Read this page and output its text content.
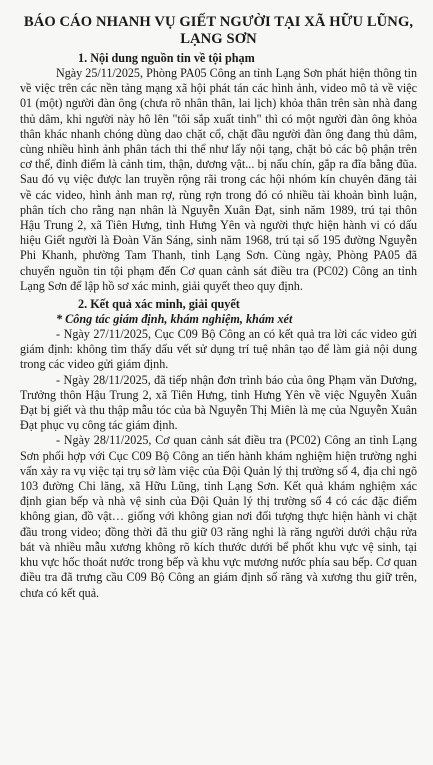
BÁO CÁO NHANH VỤ GIẾT NGƯỜI TẠI XÃ HỮU LŨNG, LẠNG SƠN
1. Nội dung nguồn tin về tội phạm

Ngày 25/11/2025, Phòng PA05 Công an tỉnh Lạng Sơn phát hiện thông tin về việc trên các nền tảng mạng xã hội phát tán các hình ảnh, video mô tả về việc 01 (một) người đàn ông (chưa rõ nhân thân, lai lịch) khỏa thân trên sàn nhà đang thủ dâm, khi người này hô lên "tôi sắp xuất tinh" thì có một người đàn ông khỏa thân khác nhanh chóng dùng dao chặt cổ, chặt đầu người đàn ông đang thủ dâm, cùng nhiều hình ảnh phân tách thi thể như lấy nội tạng, chặt bỏ các bộ phận trên cơ thể, đỉnh điểm là cảnh tim, thận, dương vật... bị nấu chín, gắp ra đĩa bằng đũa. Sau đó vụ việc được lan truyền rộng rãi trong các hội nhóm kín chuyên đăng tải về các video, hình ảnh man rợ, rùng rợn trong đó có nhiều tài khoản bình luận, phân tích cho rằng nạn nhân là Nguyễn Xuân Đạt, sinh năm 1989, trú tại thôn Hậu Trung 2, xã Tiên Hưng, tỉnh Hưng Yên và người thực hiện hành vi có dấu hiệu Giết người là Đoàn Văn Sáng, sinh năm 1968, trú tại số 195 đường Nguyễn Phi Khanh, phường Tam Thanh, tỉnh Lạng Sơn. Cùng ngày, Phòng PA05 đã chuyển nguồn tin tội phạm đến Cơ quan cảnh sát điều tra (PC02) Công an tỉnh Lạng Sơn để lập hồ sơ xác minh, giải quyết theo quy định.

2. Kết quả xác minh, giải quyết
* Công tác giám định, khám nghiệm, khám xét

- Ngày 27/11/2025, Cục C09 Bộ Công an có kết quả tra lời các video gửi giám định: không tìm thấy dấu vết sử dụng trí tuệ nhân tạo để làm giả nội dung trong các video gửi giám định.

- Ngày 28/11/2025, đã tiếp nhận đơn trình báo của ông Phạm văn Dương, Trưởng thôn Hậu Trung 2, xã Tiên Hưng, tỉnh Hưng Yên về việc Nguyễn Xuân Đạt bị giết và thu thập mẫu tóc của bà Nguyễn Thị Miên là mẹ của Nguyễn Xuân Đạt phục vụ công tác giám định.

- Ngày 28/11/2025, Cơ quan cảnh sát điều tra (PC02) Công an tỉnh Lạng Sơn phối hợp với Cục C09 Bộ Công an tiến hành khám nghiệm hiện trường nghi vấn xảy ra vụ việc tại trụ sở làm việc của Đội Quản lý thị trường số 4, địa chỉ ngõ 103 đường Chi lăng, xã Hữu Lũng, tỉnh Lạng Sơn. Kết quả khám nghiệm xác định gian bếp và nhà vệ sinh của Đội Quản lý thị trường số 4 có các đặc điểm không gian, đồ vật… giống với không gian nơi đối tượng thực hiện hành vi chặt đầu trong video; đồng thời đã thu giữ 03 răng nghi là răng người dưới chậu rửa bát và nhiều mẫu xương không rõ kích thước dưới bể phốt khu vực vệ sinh, tại khu vực hốc thoát nước trong bếp và khu vực mương nước phía sau bếp. Cơ quan điều tra đã trưng cầu C09 Bộ Công an giám định số răng và xương thu giữ trên, chưa có kết quả.
